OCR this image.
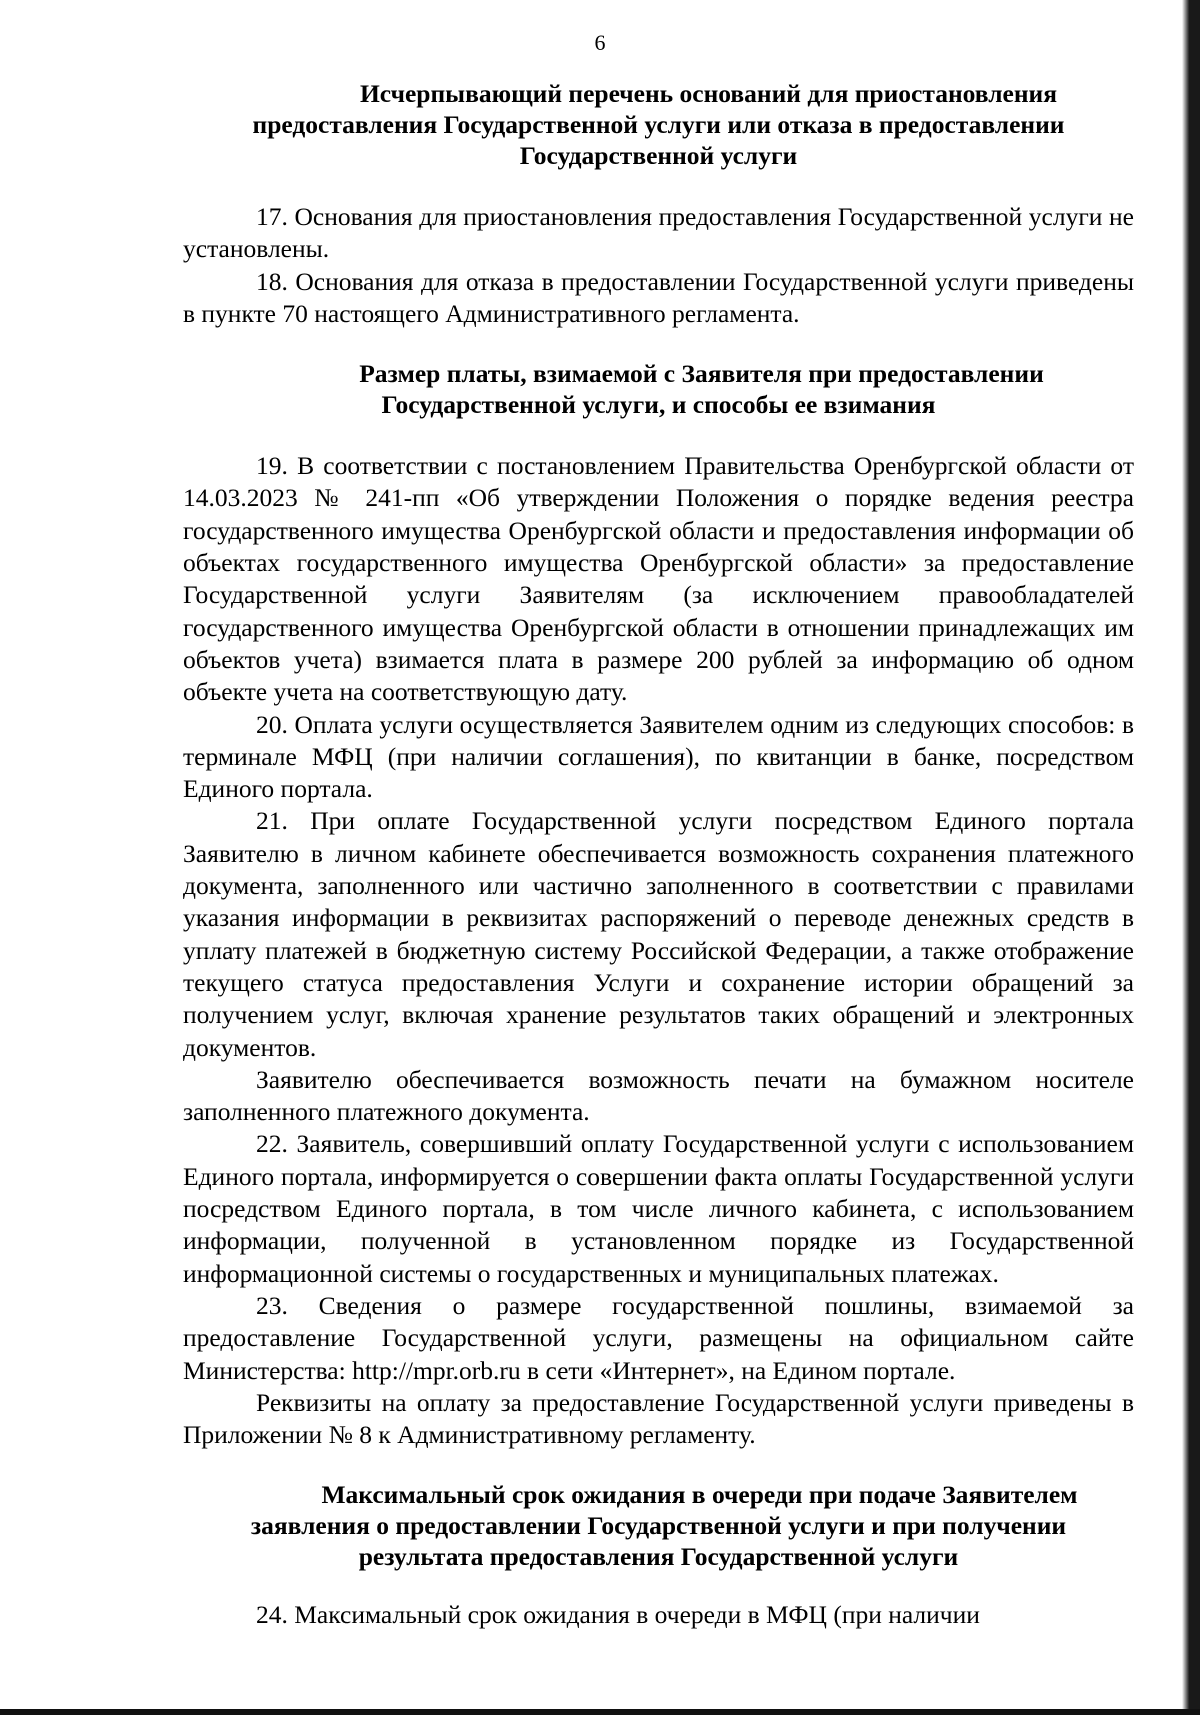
6
Исчерпывающий перечень оснований для приостановления
предоставления Государственной услуги или отказа в предоставлении
Государственной услуги

17. Основания для приостановления предоставления Государственной услуги не установлены.

18. Основания для отказа в предоставлении Государственной услуги приведены в пункте 70 настоящего Административного регламента.

Размер платы, взимаемой с Заявителя при предоставлении
Государственной услуги, и способы ее взимания

19. В соответствии с постановлением Правительства Оренбургской области от 14.03.2023 № 241-пп «Об утверждении Положения о порядке ведения реестра государственного имущества Оренбургской области и предоставления информации об объектах государственного имущества Оренбургской области» за предоставление Государственной услуги Заявителям (за исключением правообладателей государственного имущества Оренбургской области в отношении принадлежащих им объектов учета) взимается плата в размере 200 рублей за информацию об одном объекте учета на соответствующую дату.

20. Оплата услуги осуществляется Заявителем одним из следующих способов: в терминале МФЦ (при наличии соглашения), по квитанции в банке, посредством Единого портала.

21. При оплате Государственной услуги посредством Единого портала Заявителю в личном кабинете обеспечивается возможность сохранения платежного документа, заполненного или частично заполненного в соответствии с правилами указания информации в реквизитах распоряжений о переводе денежных средств в уплату платежей в бюджетную систему Российской Федерации, а также отображение текущего статуса предоставления Услуги и сохранение истории обращений за получением услуг, включая хранение результатов таких обращений и электронных документов.

Заявителю обеспечивается возможность печати на бумажном носителе заполненного платежного документа.

22. Заявитель, совершивший оплату Государственной услуги с использованием Единого портала, информируется о совершении факта оплаты Государственной услуги посредством Единого портала, в том числе личного кабинета, с использованием информации, полученной в установленном порядке из Государственной информационной системы о государственных и муниципальных платежах.

23. Сведения о размере государственной пошлины, взимаемой за предоставление Государственной услуги, размещены на официальном сайте Министерства: http://mpr.orb.ru в сети «Интернет», на Едином портале.

Реквизиты на оплату за предоставление Государственной услуги приведены в Приложении № 8 к Административному регламенту.

Максимальный срок ожидания в очереди при подаче Заявителем
заявления о предоставлении Государственной услуги и при получении
результата предоставления Государственной услуги

24. Максимальный срок ожидания в очереди в МФЦ (при наличии
